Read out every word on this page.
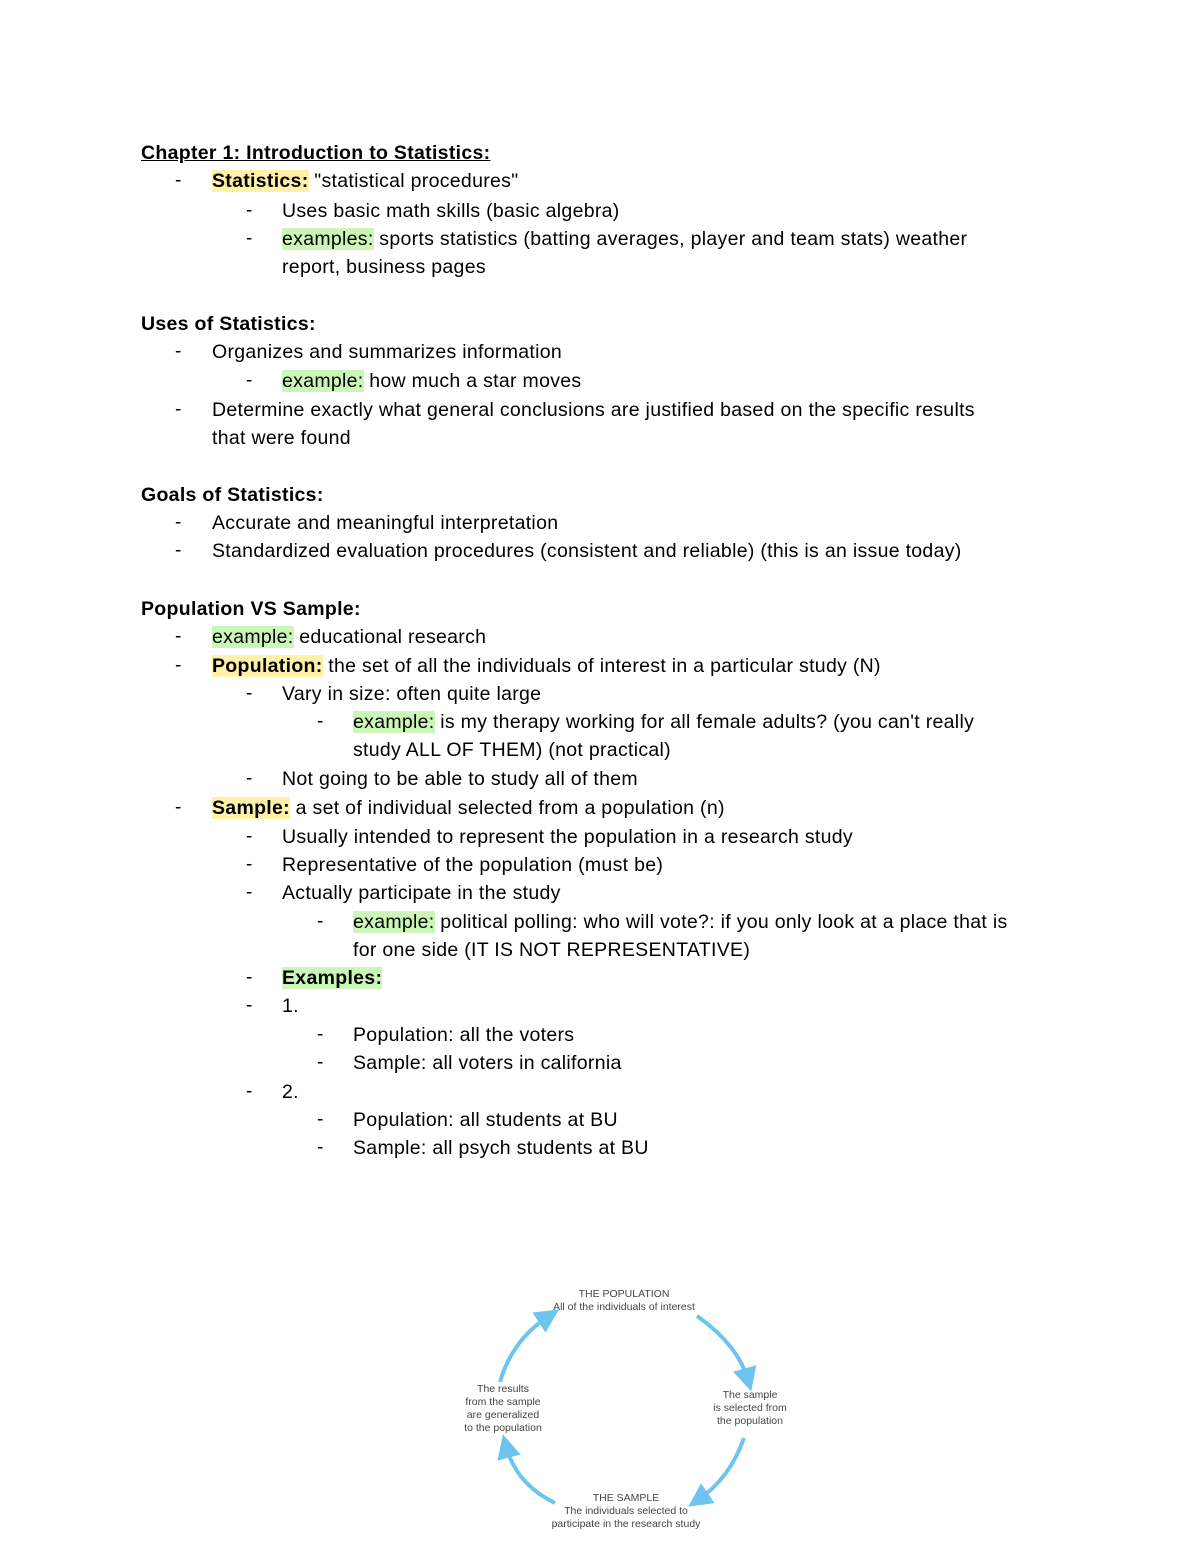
Chapter 1: Introduction to Statistics:
- Statistics: "statistical procedures"
- Uses basic math skills (basic algebra)
- examples: sports statistics (batting averages, player and team stats) weather
report, business pages
Uses of Statistics:
- Organizes and summarizes information
- example: how much a star moves
- Determine exactly what general conclusions are justified based on the specific results
that were found
Goals of Statistics:
- Accurate and meaningful interpretation
- Standardized evaluation procedures (consistent and reliable) (this is an issue today)
Population VS Sample:
- example: educational research
- Population: the set of all the individuals of interest in a particular study (N)
- Vary in size: often quite large
- example: is my therapy working for all female adults? (you can't really
study ALL OF THEM) (not practical)
- Not going to be able to study all of them
- Sample: a set of individual selected from a population (n)
- Usually intended to represent the population in a research study
- Representative of the population (must be)
- Actually participate in the study
- example: political polling: who will vote?: if you only look at a place that is
for one side (IT IS NOT REPRESENTATIVE)
- Examples:
- 1.
- Population: all the voters
- Sample: all voters in california
- 2.
- Population: all students at BU
- Sample: all psych students at BU
THE POPULATION
All of the individuals of interest
The sample
is selected from
the population
THE SAMPLE
The individuals selected to
participate in the research study
The results
from the sample
are generalized
to the population
